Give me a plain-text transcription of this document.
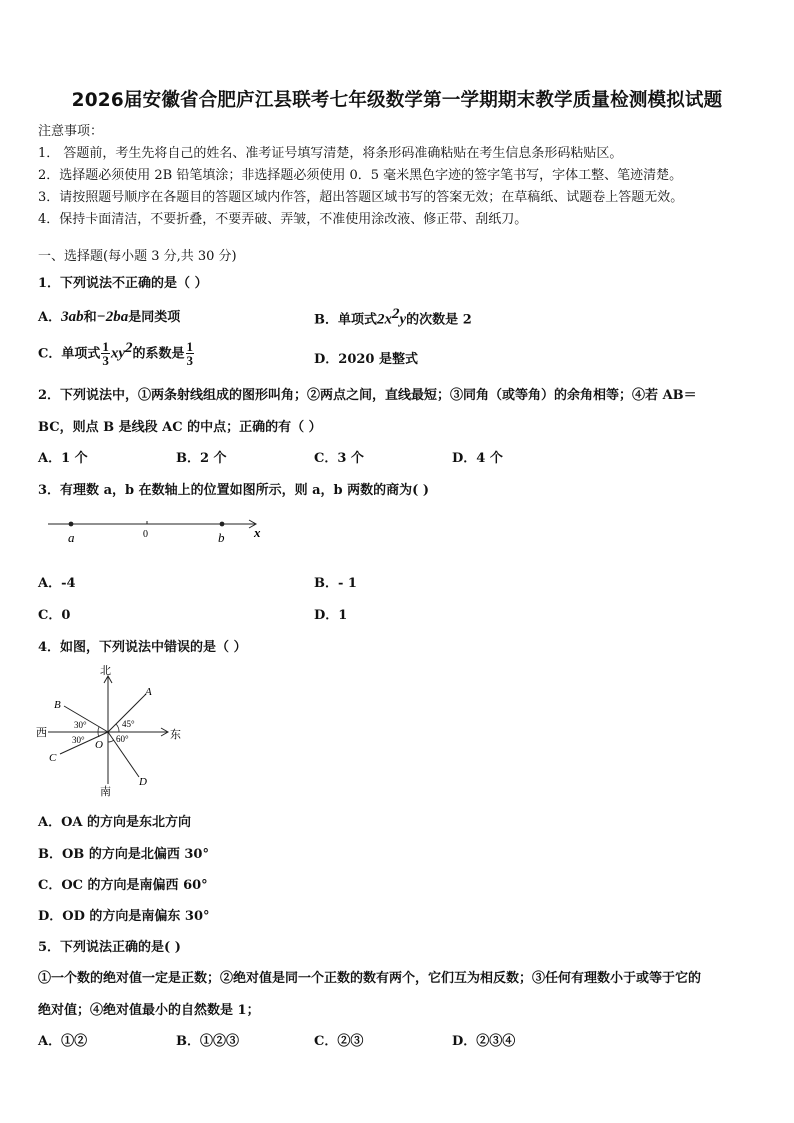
2026届安徽省合肥庐江县联考七年级数学第一学期期末教学质量检测模拟试题
注意事项：
1． 答题前，考生先将自己的姓名、准考证号填写清楚，将条形码准确粘贴在考生信息条形码粘贴区。
2．选择题必须使用 2B 铅笔填涂；非选择题必须使用 0．5 毫米黑色字迹的签字笔书写，字体工整、笔迹清楚。
3．请按照题号顺序在各题目的答题区域内作答，超出答题区域书写的答案无效；在草稿纸、试题卷上答题无效。
4．保持卡面清洁，不要折叠，不要弄破、弄皱，不准使用涂改液、修正带、刮纸刀。
一、选择题(每小题 3 分,共 30 分)
1．下列说法不正确的是（ ）
A．3ab和−2ba是同类项	B．单项式$2x^2y$的次数是 2
C．单项式 $\frac{1}{3} xy^2$的系数是 $\frac{1}{3}$	D．2020 是整式
2．下列说法中，①两条射线组成的图形叫角；②两点之间，直线最短；③同角（或等角）的余角相等；④若 AB＝
BC，则点 B 是线段 AC 的中点；正确的有（ ）
A．1 个	B．2 个	C．3 个	D．4 个
3．有理数 a，b 在数轴上的位置如图所示，则 a，b 两数的商为( )
a	0	b x
A．-4	B．- 1
C．0	D．1
4．如图，下列说法中错误的是（ ）
北
南
西	东
A
B
C
D
O
30°
30°
45°
60°
A．OA 的方向是东北方向
B．OB 的方向是北偏西 30°
C．OC 的方向是南偏西 60°
D．OD 的方向是南偏东 30°
5．下列说法正确的是( )
①一个数的绝对值一定是正数；②绝对值是同一个正数的数有两个，它们互为相反数；③任何有理数小于或等于它的
绝对值；④绝对值最小的自然数是 1；
A．①②	B．①②③	C．②③	D．②③④
